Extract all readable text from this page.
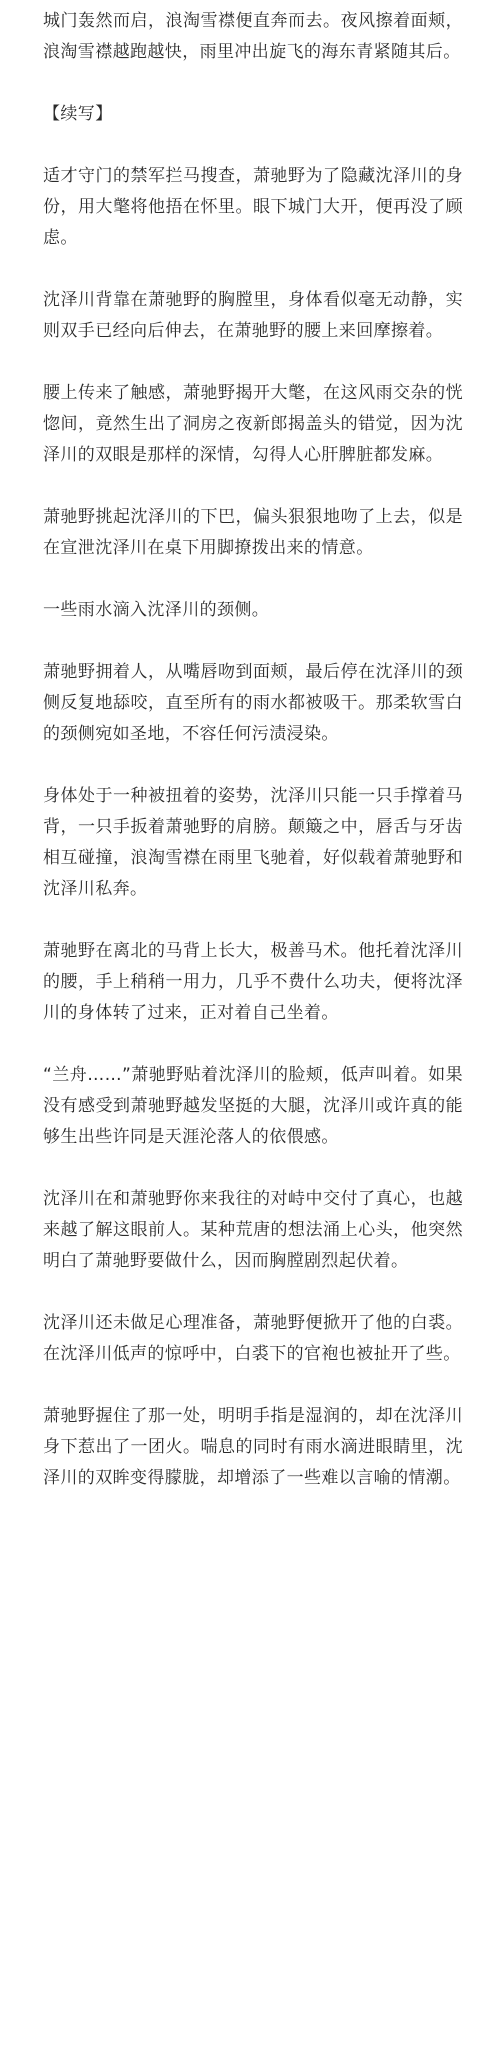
城门轰然而启，浪淘雪襟便直奔而去。夜风擦着面颊，浪淘雪襟越跑越快，雨里冲出旋飞的海东青紧随其后。

【续写】

适才守门的禁军拦马搜查，萧驰野为了隐藏沈泽川的身份，用大氅将他捂在怀里。眼下城门大开，便再没了顾虑。

沈泽川背靠在萧驰野的胸膛里，身体看似毫无动静，实则双手已经向后伸去，在萧驰野的腰上来回摩擦着。

腰上传来了触感，萧驰野揭开大氅，在这风雨交杂的恍惚间，竟然生出了洞房之夜新郎揭盖头的错觉，因为沈泽川的双眼是那样的深情，勾得人心肝脾脏都发麻。

萧驰野挑起沈泽川的下巴，偏头狠狠地吻了上去，似是在宣泄沈泽川在桌下用脚撩拨出来的情意。

一些雨水滴入沈泽川的颈侧。

萧驰野拥着人，从嘴唇吻到面颊，最后停在沈泽川的颈侧反复地舔咬，直至所有的雨水都被吸干。那柔软雪白的颈侧宛如圣地，不容任何污渍浸染。

身体处于一种被扭着的姿势，沈泽川只能一只手撑着马背，一只手扳着萧驰野的肩膀。颠簸之中，唇舌与牙齿相互碰撞，浪淘雪襟在雨里飞驰着，好似载着萧驰野和沈泽川私奔。

萧驰野在离北的马背上长大，极善马术。他托着沈泽川的腰，手上稍稍一用力，几乎不费什么功夫，便将沈泽川的身体转了过来，正对着自己坐着。

“兰舟……”萧驰野贴着沈泽川的脸颊，低声叫着。如果没有感受到萧驰野越发坚挺的大腿，沈泽川或许真的能够生出些许同是天涯沦落人的依偎感。

沈泽川在和萧驰野你来我往的对峙中交付了真心，也越来越了解这眼前人。某种荒唐的想法涌上心头，他突然明白了萧驰野要做什么，因而胸膛剧烈起伏着。

沈泽川还未做足心理准备，萧驰野便掀开了他的白裘。在沈泽川低声的惊呼中，白裘下的官袍也被扯开了些。

萧驰野握住了那一处，明明手指是湿润的，却在沈泽川身下惹出了一团火。喘息的同时有雨水滴进眼睛里，沈泽川的双眸变得朦胧，却增添了一些难以言喻的情潮。
